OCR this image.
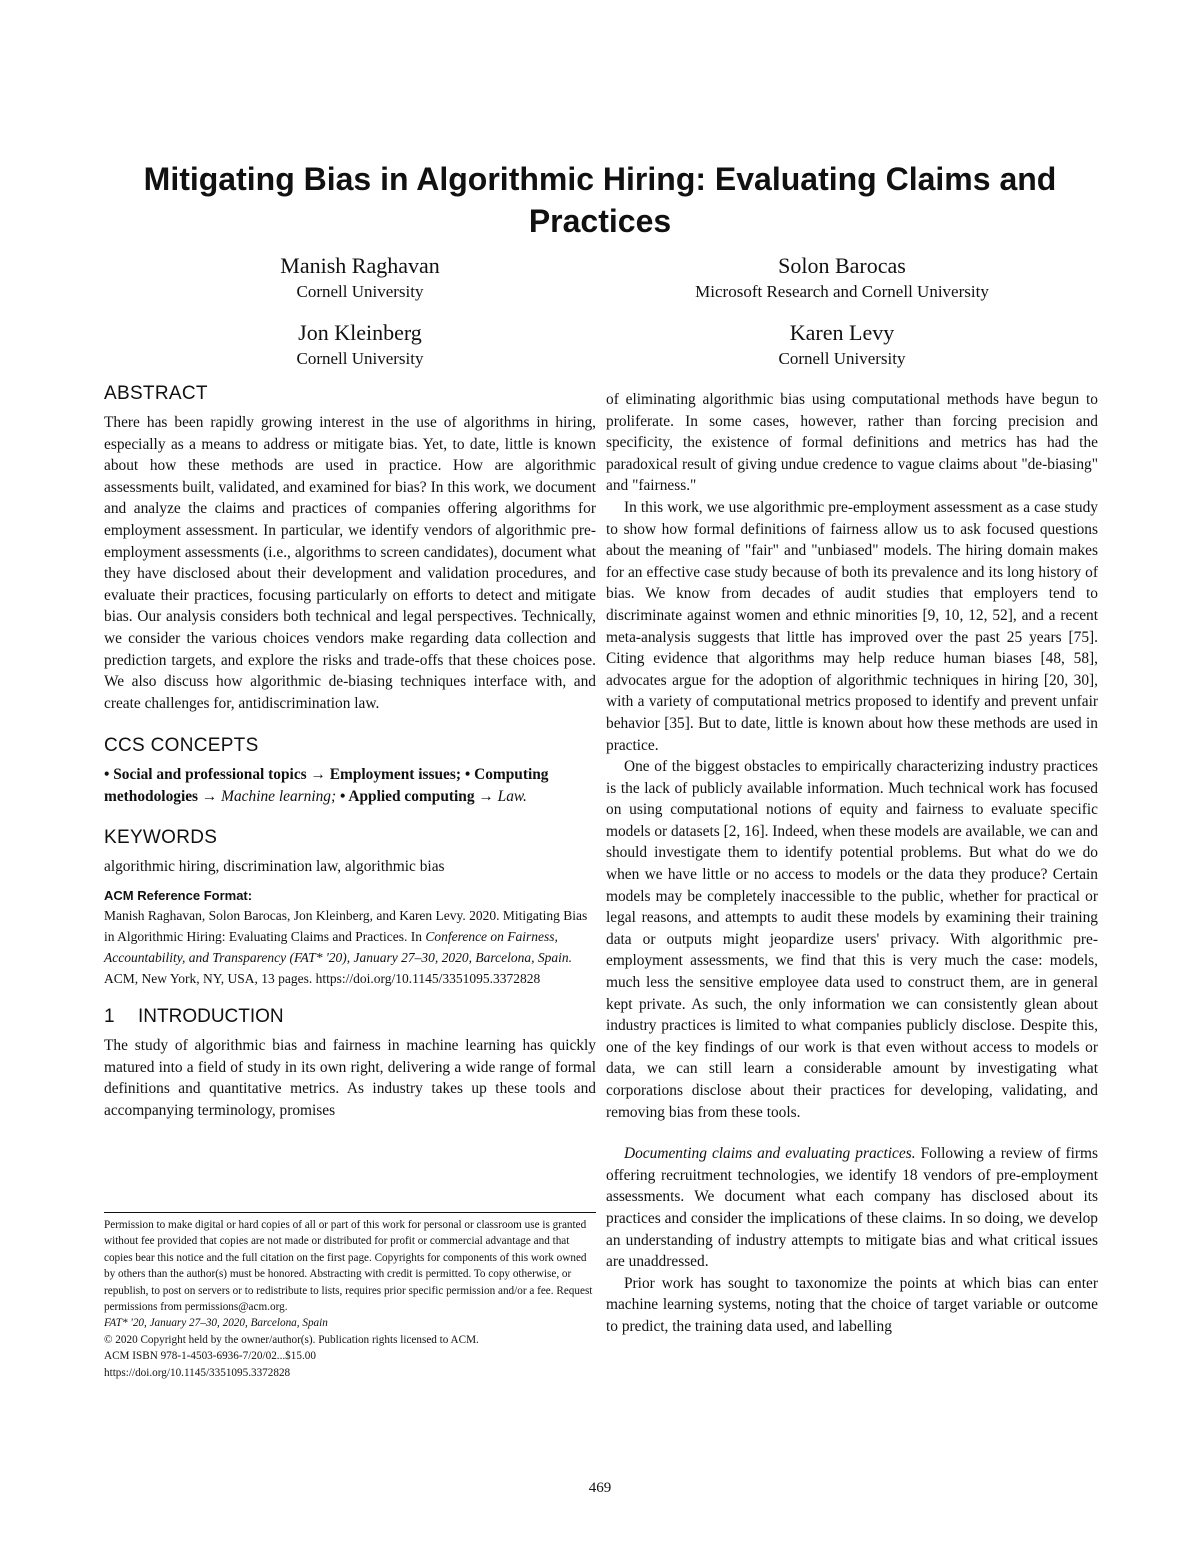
Mitigating Bias in Algorithmic Hiring: Evaluating Claims and Practices
Manish Raghavan
Cornell University
Solon Barocas
Microsoft Research and Cornell University
Jon Kleinberg
Cornell University
Karen Levy
Cornell University
ABSTRACT

There has been rapidly growing interest in the use of algorithms in hiring, especially as a means to address or mitigate bias. Yet, to date, little is known about how these methods are used in practice. How are algorithmic assessments built, validated, and examined for bias? In this work, we document and analyze the claims and practices of companies offering algorithms for employment assessment. In particular, we identify vendors of algorithmic pre-employment assessments (i.e., algorithms to screen candidates), document what they have disclosed about their development and validation procedures, and evaluate their practices, focusing particularly on efforts to detect and mitigate bias. Our analysis considers both technical and legal perspectives. Technically, we consider the various choices vendors make regarding data collection and prediction targets, and explore the risks and trade-offs that these choices pose. We also discuss how algorithmic de-biasing techniques interface with, and create challenges for, antidiscrimination law.

CCS CONCEPTS

• Social and professional topics → Employment issues; • Computing methodologies → Machine learning; • Applied computing → Law.

KEYWORDS

algorithmic hiring, discrimination law, algorithmic bias

ACM Reference Format:

Manish Raghavan, Solon Barocas, Jon Kleinberg, and Karen Levy. 2020. Mitigating Bias in Algorithmic Hiring: Evaluating Claims and Practices. In Conference on Fairness, Accountability, and Transparency (FAT* '20), January 27–30, 2020, Barcelona, Spain. ACM, New York, NY, USA, 13 pages. https://doi.org/10.1145/3351095.3372828

1 INTRODUCTION

The study of algorithmic bias and fairness in machine learning has quickly matured into a field of study in its own right, delivering a wide range of formal definitions and quantitative metrics. As industry takes up these tools and accompanying terminology, promises

of eliminating algorithmic bias using computational methods have begun to proliferate. In some cases, however, rather than forcing precision and specificity, the existence of formal definitions and metrics has had the paradoxical result of giving undue credence to vague claims about "de-biasing" and "fairness."

In this work, we use algorithmic pre-employment assessment as a case study to show how formal definitions of fairness allow us to ask focused questions about the meaning of "fair" and "unbiased" models. The hiring domain makes for an effective case study because of both its prevalence and its long history of bias. We know from decades of audit studies that employers tend to discriminate against women and ethnic minorities [9, 10, 12, 52], and a recent meta-analysis suggests that little has improved over the past 25 years [75]. Citing evidence that algorithms may help reduce human biases [48, 58], advocates argue for the adoption of algorithmic techniques in hiring [20, 30], with a variety of computational metrics proposed to identify and prevent unfair behavior [35]. But to date, little is known about how these methods are used in practice.

One of the biggest obstacles to empirically characterizing industry practices is the lack of publicly available information. Much technical work has focused on using computational notions of equity and fairness to evaluate specific models or datasets [2, 16]. Indeed, when these models are available, we can and should investigate them to identify potential problems. But what do we do when we have little or no access to models or the data they produce? Certain models may be completely inaccessible to the public, whether for practical or legal reasons, and attempts to audit these models by examining their training data or outputs might jeopardize users' privacy. With algorithmic pre-employment assessments, we find that this is very much the case: models, much less the sensitive employee data used to construct them, are in general kept private. As such, the only information we can consistently glean about industry practices is limited to what companies publicly disclose. Despite this, one of the key findings of our work is that even without access to models or data, we can still learn a considerable amount by investigating what corporations disclose about their practices for developing, validating, and removing bias from these tools.

Documenting claims and evaluating practices. Following a review of firms offering recruitment technologies, we identify 18 vendors of pre-employment assessments. We document what each company has disclosed about its practices and consider the implications of these claims. In so doing, we develop an understanding of industry attempts to mitigate bias and what critical issues are unaddressed.

Prior work has sought to taxonomize the points at which bias can enter machine learning systems, noting that the choice of target variable or outcome to predict, the training data used, and labelling

Permission to make digital or hard copies of all or part of this work for personal or classroom use is granted without fee provided that copies are not made or distributed for profit or commercial advantage and that copies bear this notice and the full citation on the first page. Copyrights for components of this work owned by others than the author(s) must be honored. Abstracting with credit is permitted. To copy otherwise, or republish, to post on servers or to redistribute to lists, requires prior specific permission and/or a fee. Request permissions from permissions@acm.org.

FAT* '20, January 27–30, 2020, Barcelona, Spain

© 2020 Copyright held by the owner/author(s). Publication rights licensed to ACM.

ACM ISBN 978-1-4503-6936-7/20/02...$15.00

https://doi.org/10.1145/3351095.3372828

469
